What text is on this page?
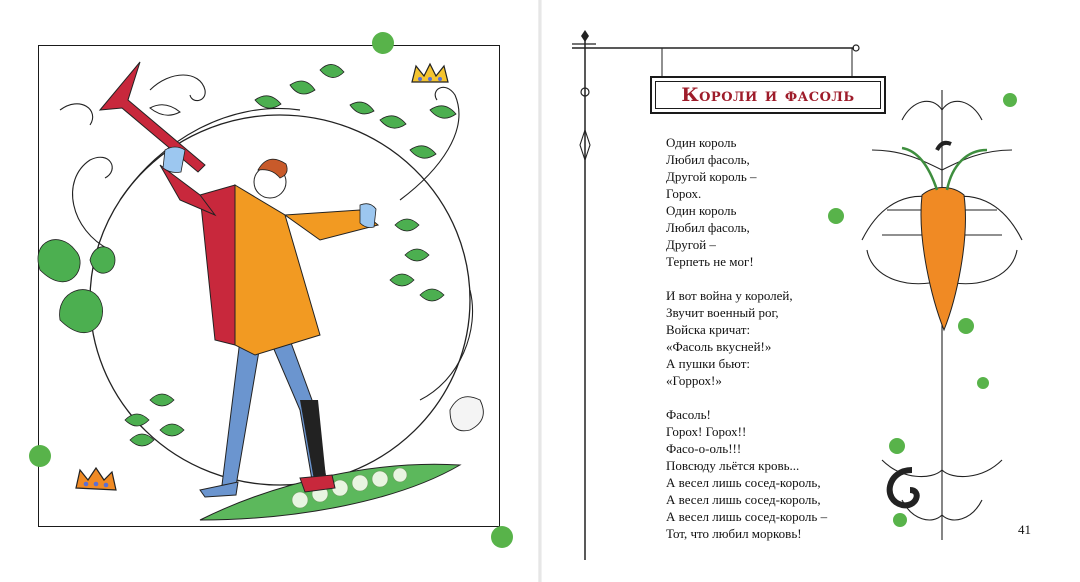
Короли и фасоль
Один король
Любил фасоль,
Другой король –
Горох.
Один король
Любил фасоль,
Другой –
Терпеть не мог!
И вот война у королей,
Звучит военный рог,
Войска кричат:
«Фасоль вкусней!»
А пушки бьют:
«Горрох!»
Фасоль!
Горох! Горох!!
Фасо-о-оль!!!
Повсюду льётся кровь...
А весел лишь сосед-король,
А весел лишь сосед-король,
А весел лишь сосед-король –
Тот, что любил морковь!	41
